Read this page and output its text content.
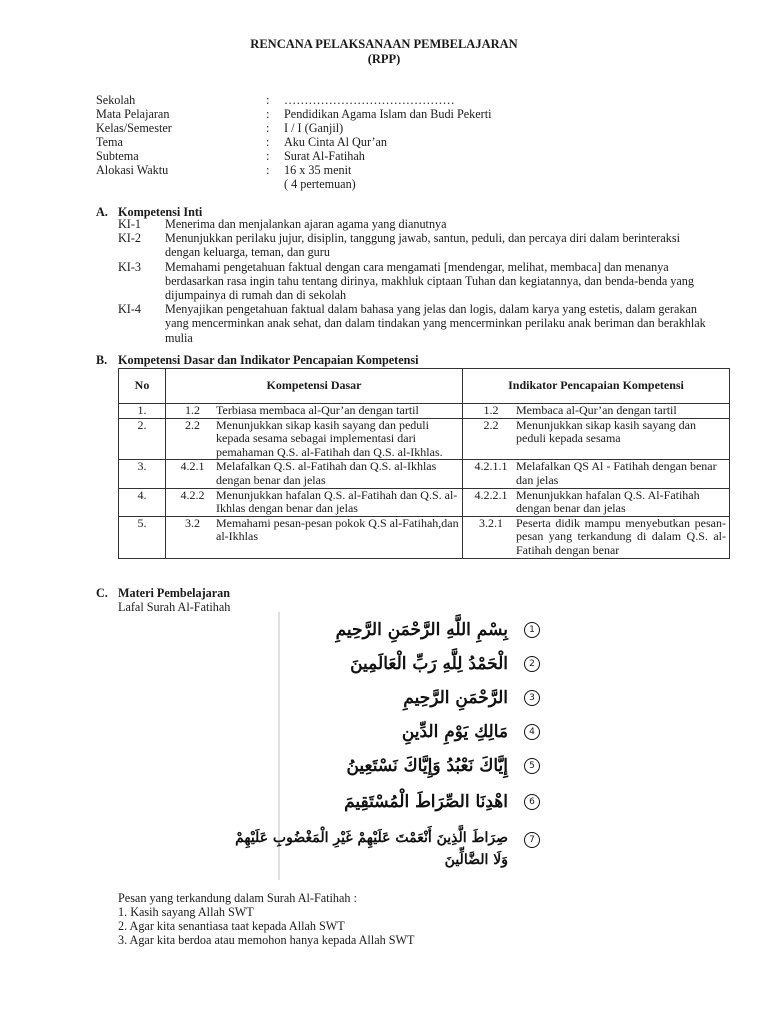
RENCANA PELAKSANAAN PEMBELAJARAN
(RPP)
Sekolah	:	……………………………………
Mata Pelajaran	:	Pendidikan Agama Islam dan Budi Pekerti
Kelas/Semester	:	I / I (Ganjil)
Tema	:	Aku Cinta Al Qur’an
Subtema	:	Surat Al-Fatihah
Alokasi Waktu	:	16 x 35 menit
( 4 pertemuan)
A. Kompetensi Inti
KI-1	Menerima dan menjalankan ajaran agama yang dianutnya
KI-2	Menunjukkan perilaku jujur, disiplin, tanggung jawab, santun, peduli, dan percaya diri dalam berinteraksi dengan keluarga, teman, dan guru
KI-3	Memahami pengetahuan faktual dengan cara mengamati [mendengar, melihat, membaca] dan menanya berdasarkan rasa ingin tahu tentang dirinya, makhluk ciptaan Tuhan dan kegiatannya, dan benda-benda yang dijumpainya di rumah dan di sekolah
KI-4	Menyajikan pengetahuan faktual dalam bahasa yang jelas dan logis, dalam karya yang estetis, dalam gerakan yang mencerminkan anak sehat, dan dalam tindakan yang mencerminkan perilaku anak beriman dan berakhlak mulia
B. Kompetensi Dasar dan Indikator Pencapaian Kompetensi
No	Kompetensi Dasar	Indikator Pencapaian Kompetensi
1.	1.2 Terbiasa membaca al-Qur’an dengan tartil	1.2 Membaca al-Qur’an dengan tartil

2.	2.2 Menunjukkan sikap kasih sayang dan peduli kepada sesama sebagai implementasi dari pemahaman Q.S. al-Fatihah dan Q.S. al-Ikhlas.	2.2 Menunjukkan sikap kasih sayang dan peduli kepada sesama

3.	4.2.1 Melafalkan Q.S. al-Fatihah dan Q.S. al-Ikhlas dengan benar dan jelas	4.2.1.1 Melafalkan QS Al - Fatihah dengan benar dan jelas

4.	4.2.2 Menunjukkan hafalan Q.S. al-Fatihah dan Q.S. al-Ikhlas dengan benar dan jelas	4.2.2.1 Menunjukkan hafalan Q.S. Al-Fatihah dengan benar dan jelas

5.	3.2 Memahami pesan-pesan pokok Q.S al-Fatihah,dan al-Ikhlas	3.2.1 Peserta didik mampu menyebutkan pesan-pesan yang terkandung di dalam Q.S. al-Fatihah dengan benar
C. Materi Pembelajaran
Lafal Surah Al-Fatihah
بِسْمِ اللَّهِ الرَّحْمَنِ الرَّحِيمِ	1
الْحَمْدُ لِلَّهِ رَبِّ الْعَالَمِينَ	2
الرَّحْمَنِ الرَّحِيمِ	3
مَالِكِ يَوْمِ الدِّينِ	4
إِيَّاكَ نَعْبُدُ وَإِيَّاكَ نَسْتَعِينُ	5
اهْدِنَا الصِّرَاطَ الْمُسْتَقِيمَ	6
صِرَاطَ الَّذِينَ أَنْعَمْتَ عَلَيْهِمْ غَيْرِ الْمَغْضُوبِ عَلَيْهِمْ	7
وَلَا الضَّالِّينَ
Pesan yang terkandung dalam Surah Al-Fatihah :
1. Kasih sayang Allah SWT
2. Agar kita senantiasa taat kepada Allah SWT
3. Agar kita berdoa atau memohon hanya kepada Allah SWT
